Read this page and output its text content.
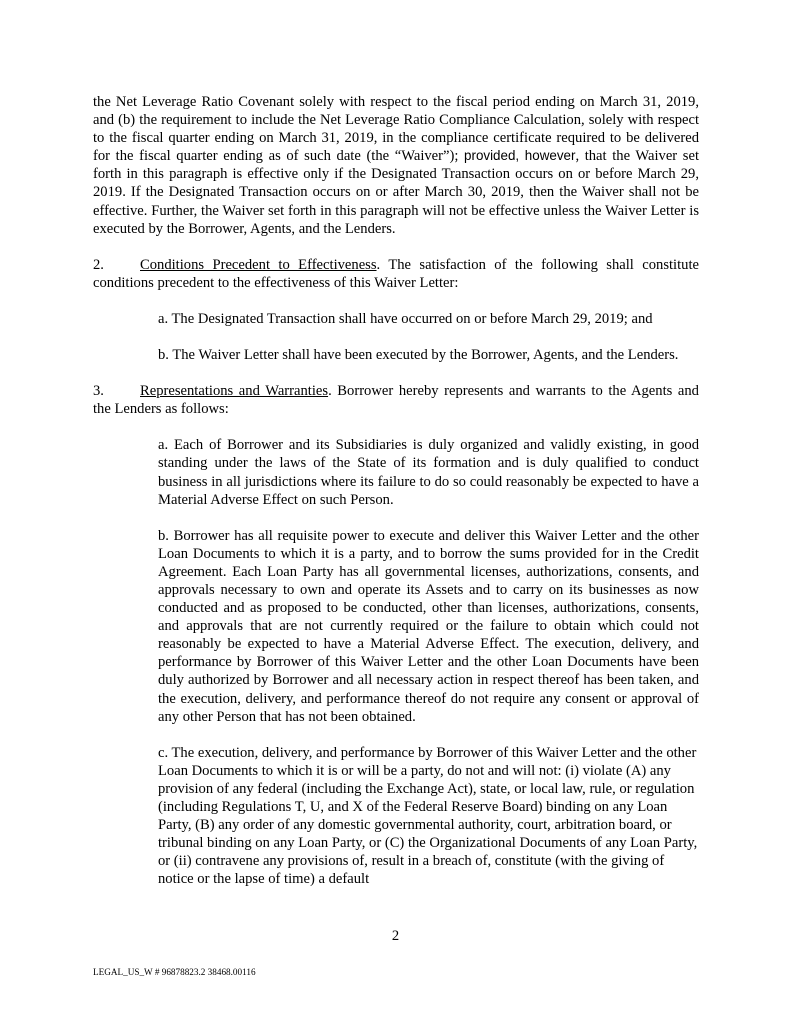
the Net Leverage Ratio Covenant solely with respect to the fiscal period ending on March 31, 2019, and (b) the requirement to include the Net Leverage Ratio Compliance Calculation, solely with respect to the fiscal quarter ending on March 31, 2019, in the compliance certificate required to be delivered for the fiscal quarter ending as of such date (the “Waiver”); provided, however, that the Waiver set forth in this paragraph is effective only if the Designated Transaction occurs on or before March 29, 2019. If the Designated Transaction occurs on or after March 30, 2019, then the Waiver shall not be effective. Further, the Waiver set forth in this paragraph will not be effective unless the Waiver Letter is executed by the Borrower, Agents, and the Lenders.

2. Conditions Precedent to Effectiveness. The satisfaction of the following shall constitute conditions precedent to the effectiveness of this Waiver Letter:

a. The Designated Transaction shall have occurred on or before March 29, 2019; and

b. The Waiver Letter shall have been executed by the Borrower, Agents, and the Lenders.

3. Representations and Warranties. Borrower hereby represents and warrants to the Agents and the Lenders as follows:

a. Each of Borrower and its Subsidiaries is duly organized and validly existing, in good standing under the laws of the State of its formation and is duly qualified to conduct business in all jurisdictions where its failure to do so could reasonably be expected to have a Material Adverse Effect on such Person.

b. Borrower has all requisite power to execute and deliver this Waiver Letter and the other Loan Documents to which it is a party, and to borrow the sums provided for in the Credit Agreement. Each Loan Party has all governmental licenses, authorizations, consents, and approvals necessary to own and operate its Assets and to carry on its businesses as now conducted and as proposed to be conducted, other than licenses, authorizations, consents, and approvals that are not currently required or the failure to obtain which could not reasonably be expected to have a Material Adverse Effect. The execution, delivery, and performance by Borrower of this Waiver Letter and the other Loan Documents have been duly authorized by Borrower and all necessary action in respect thereof has been taken, and the execution, delivery, and performance thereof do not require any consent or approval of any other Person that has not been obtained.

c. The execution, delivery, and performance by Borrower of this Waiver Letter and the other Loan Documents to which it is or will be a party, do not and will not: (i) violate (A) any provision of any federal (including the Exchange Act), state, or local law, rule, or regulation (including Regulations T, U, and X of the Federal Reserve Board) binding on any Loan Party, (B) any order of any domestic governmental authority, court, arbitration board, or tribunal binding on any Loan Party, or (C) the Organizational Documents of any Loan Party, or (ii) contravene any provisions of, result in a breach of, constitute (with the giving of notice or the lapse of time) a default

2
LEGAL_US_W # 96878823.2 38468.00116
